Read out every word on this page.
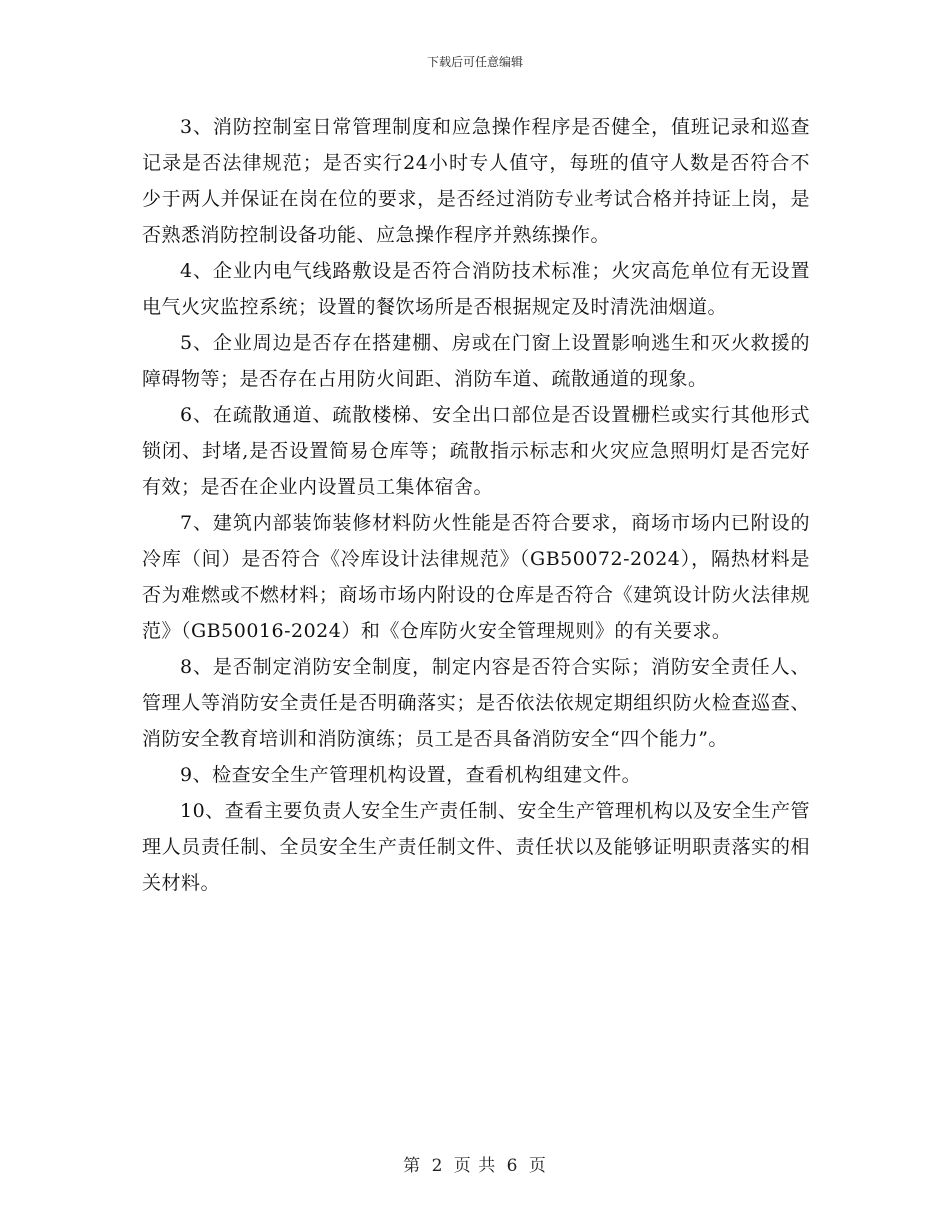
下载后可任意编辑

3、消防控制室日常管理制度和应急操作程序是否健全，值班记录和巡查记录是否法律规范；是否实行24小时专人值守，每班的值守人数是否符合不少于两人并保证在岗在位的要求，是否经过消防专业考试合格并持证上岗，是否熟悉消防控制设备功能、应急操作程序并熟练操作。

4、企业内电气线路敷设是否符合消防技术标准；火灾高危单位有无设置电气火灾监控系统；设置的餐饮场所是否根据规定及时清洗油烟道。

5、企业周边是否存在搭建棚、房或在门窗上设置影响逃生和灭火救援的障碍物等；是否存在占用防火间距、消防车道、疏散通道的现象。

6、在疏散通道、疏散楼梯、安全出口部位是否设置栅栏或实行其他形式锁闭、封堵,是否设置简易仓库等；疏散指示标志和火灾应急照明灯是否完好有效；是否在企业内设置员工集体宿舍。

7、建筑内部装饰装修材料防火性能是否符合要求，商场市场内已附设的冷库（间）是否符合《冷库设计法律规范》（GB50072-2024），隔热材料是否为难燃或不燃材料；商场市场内附设的仓库是否符合《建筑设计防火法律规范》（GB50016-2024）和《仓库防火安全管理规则》的有关要求。

8、是否制定消防安全制度，制定内容是否符合实际；消防安全责任人、管理人等消防安全责任是否明确落实；是否依法依规定期组织防火检查巡查、消防安全教育培训和消防演练；员工是否具备消防安全“四个能力”。

9、检查安全生产管理机构设置，查看机构组建文件。

10、查看主要负责人安全生产责任制、安全生产管理机构以及安全生产管理人员责任制、全员安全生产责任制文件、责任状以及能够证明职责落实的相关材料。

第 2 页 共 6 页
